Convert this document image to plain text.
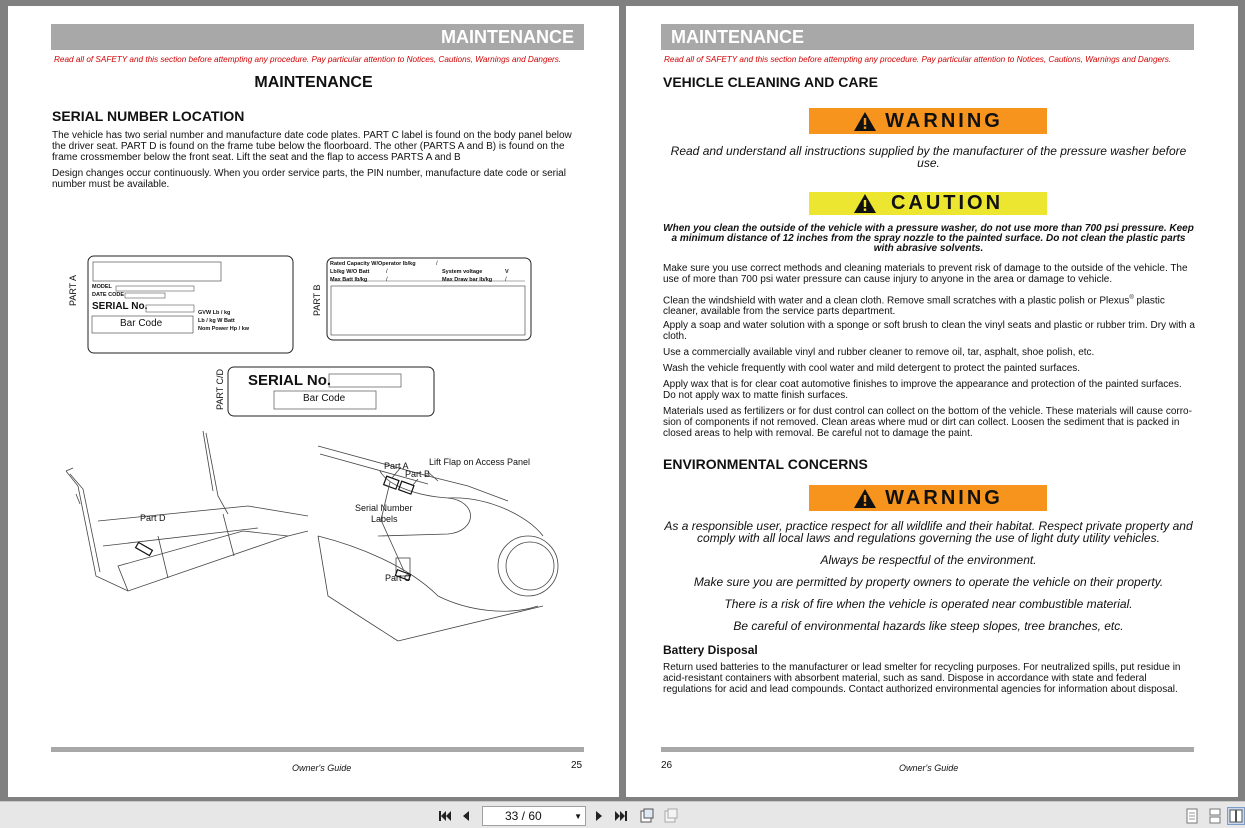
MAINTENANCE
Read all of SAFETY and this section before attempting any procedure. Pay particular attention to Notices, Cautions, Warnings and Dangers.
MAINTENANCE
SERIAL NUMBER LOCATION
The vehicle has two serial number and manufacture date code plates. PART C label is found on the body panel below the driver seat. PART D is found on the frame tube below the floorboard. The other (PARTS A and B) is found on the frame crossmember below the front seat. Lift the seat and the flap to access PARTS A and B
Design changes occur continuously. When you order service parts, the PIN number, manufacture date code or serial number must be available.
PART A	MODEL
DATE CODE
SERIAL No.
Bar Code
GVW Lb / kg
Lb / kg W Batt
Nom Power Hp / kw
PART B
Rated Capacity W/Operator lb/kg	/
Lb/kg W/O Batt	/	System voltage	V
Max Batt lb/kg	/	Max Draw bar lb/kg /
PART C/D SERIAL No.
Bar Code
Part A
Part B
Lift Flap on Access Panel
Serial Number
Labels
Part C
Part D
Owner's Guide	25
MAINTENANCE
Read all of SAFETY and this section before attempting any procedure. Pay particular attention to Notices, Cautions, Warnings and Dangers.
VEHICLE CLEANING AND CARE
WARNING
Read and understand all instructions supplied by the manufacturer of the pressure washer before use.
CAUTION
When you clean the outside of the vehicle with a pressure washer, do not use more than 700 psi pressure. Keep a minimum distance of 12 inches from the spray nozzle to the painted surface. Do not clean the plastic parts with abrasive solvents.
Make sure you use correct methods and cleaning materials to prevent risk of damage to the outside of the vehicle. The use of more than 700 psi water pressure can cause injury to anyone in the area or damage to vehicle.
Clean the windshield with water and a clean cloth. Remove small scratches with a plastic polish or Plexus® plastic cleaner, available from the service parts department.
Apply a soap and water solution with a sponge or soft brush to clean the vinyl seats and plastic or rubber trim. Dry with a cloth.
Use a commercially available vinyl and rubber cleaner to remove oil, tar, asphalt, shoe polish, etc.
Wash the vehicle frequently with cool water and mild detergent to protect the painted surfaces.
Apply wax that is for clear coat automotive finishes to improve the appearance and protection of the painted surfaces. Do not apply wax to matte finish surfaces.
Materials used as fertilizers or for dust control can collect on the bottom of the vehicle. These materials will cause corro-sion of components if not removed. Clean areas where mud or dirt can collect. Loosen the sediment that is packed in closed areas to help with removal. Be careful not to damage the paint.
ENVIRONMENTAL CONCERNS
WARNING
As a responsible user, practice respect for all wildlife and their habitat. Respect private property and comply with all local laws and regulations governing the use of light duty utility vehicles.
Always be respectful of the environment.
Make sure you are permitted by property owners to operate the vehicle on their property.
There is a risk of fire when the vehicle is operated near combustible material.
Be careful of environmental hazards like steep slopes, tree branches, etc.
Battery Disposal
Return used batteries to the manufacturer or lead smelter for recycling purposes. For neutralized spills, put residue in acid-resistant containers with absorbent material, such as sand. Dispose in accordance with state and federal regulations for acid and lead compounds. Contact authorized environmental agencies for information about disposal.
26	Owner's Guide
33 / 60	▼
